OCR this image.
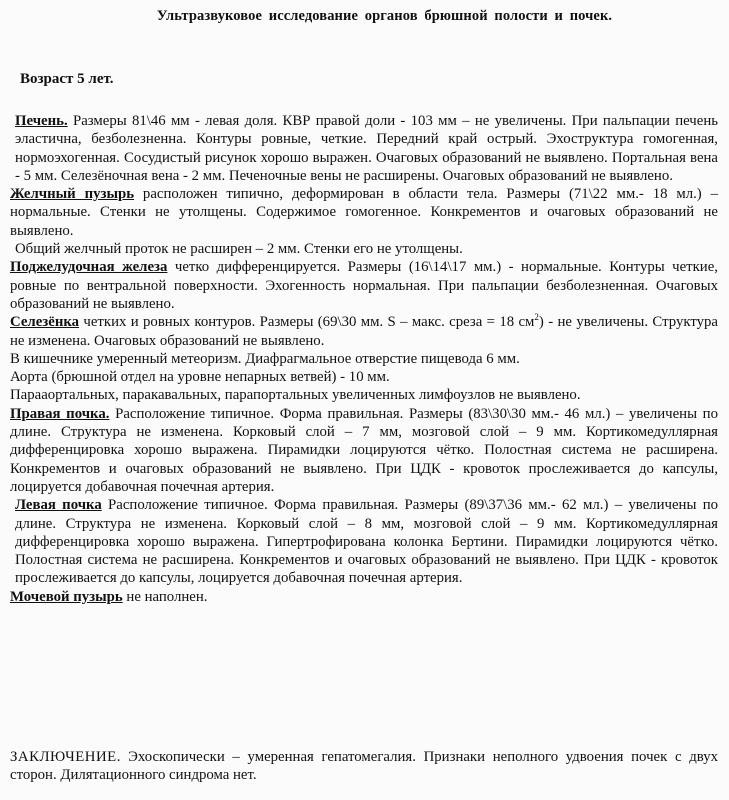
Ультразвуковое исследование органов брюшной полости и почек.
Возраст 5 лет.

Печень. Размеры 81\46 мм - левая доля. КВР правой доли - 103 мм – не увеличены. При пальпации печень эластична, безболезненна. Контуры ровные, четкие. Передний край острый. Эхоструктура гомогенная, нормоэхогенная. Сосудистый рисунок хорошо выражен. Очаговых образований не выявлено. Портальная вена - 5 мм. Селезёночная вена - 2 мм. Печеночные вены не расширены. Очаговых образований не выявлено.

Желчный пузырь расположен типично, деформирован в области тела. Размеры (71\22 мм.- 18 мл.) – нормальные. Стенки не утолщены. Содержимое гомогенное. Конкрементов и очаговых образований не выявлено.

Общий желчный проток не расширен – 2 мм. Стенки его не утолщены.

Поджелудочная железа четко дифференцируется. Размеры (16\14\17 мм.) - нормальные. Контуры четкие, ровные по вентральной поверхности. Эхогенность нормальная. При пальпации безболезненная. Очаговых образований не выявлено.

Селезёнка четких и ровных контуров. Размеры (69\30 мм. S – макс. среза = 18 $см^2$) - не увеличены. Структура не изменена. Очаговых образований не выявлено.

В кишечнике умеренный метеоризм. Диафрагмальное отверстие пищевода 6 мм.

Аорта (брюшной отдел на уровне непарных ветвей) - 10 мм.

Парааортальных, паракавальных, парапортальных увеличенных лимфоузлов не выявлено.

Правая почка. Расположение типичное. Форма правильная. Размеры (83\30\30 мм.- 46 мл.) – увеличены по длине. Структура не изменена. Корковый слой – 7 мм, мозговой слой – 9 мм. Кортикомедуллярная дифференцировка хорошо выражена. Пирамидки лоцируются чётко. Полостная система не расширена. Конкрементов и очаговых образований не выявлено. При ЦДК - кровоток прослеживается до капсулы, лоцируется добавочная почечная артерия.

Левая почка Расположение типичное. Форма правильная. Размеры (89\37\36 мм.- 62 мл.) – увеличены по длине. Структура не изменена. Корковый слой – 8 мм, мозговой слой – 9 мм. Кортикомедуллярная дифференцировка хорошо выражена. Гипертрофирована колонка Бертини. Пирамидки лоцируются чётко. Полостная система не расширена. Конкрементов и очаговых образований не выявлено. При ЦДК - кровоток прослеживается до капсулы, лоцируется добавочная почечная артерия.

Мочевой пузырь не наполнен.

ЗАКЛЮЧЕНИЕ. Эхоскопически – умеренная гепатомегалия. Признаки неполного удвоения почек с двух сторон. Дилятационного синдрома нет.
